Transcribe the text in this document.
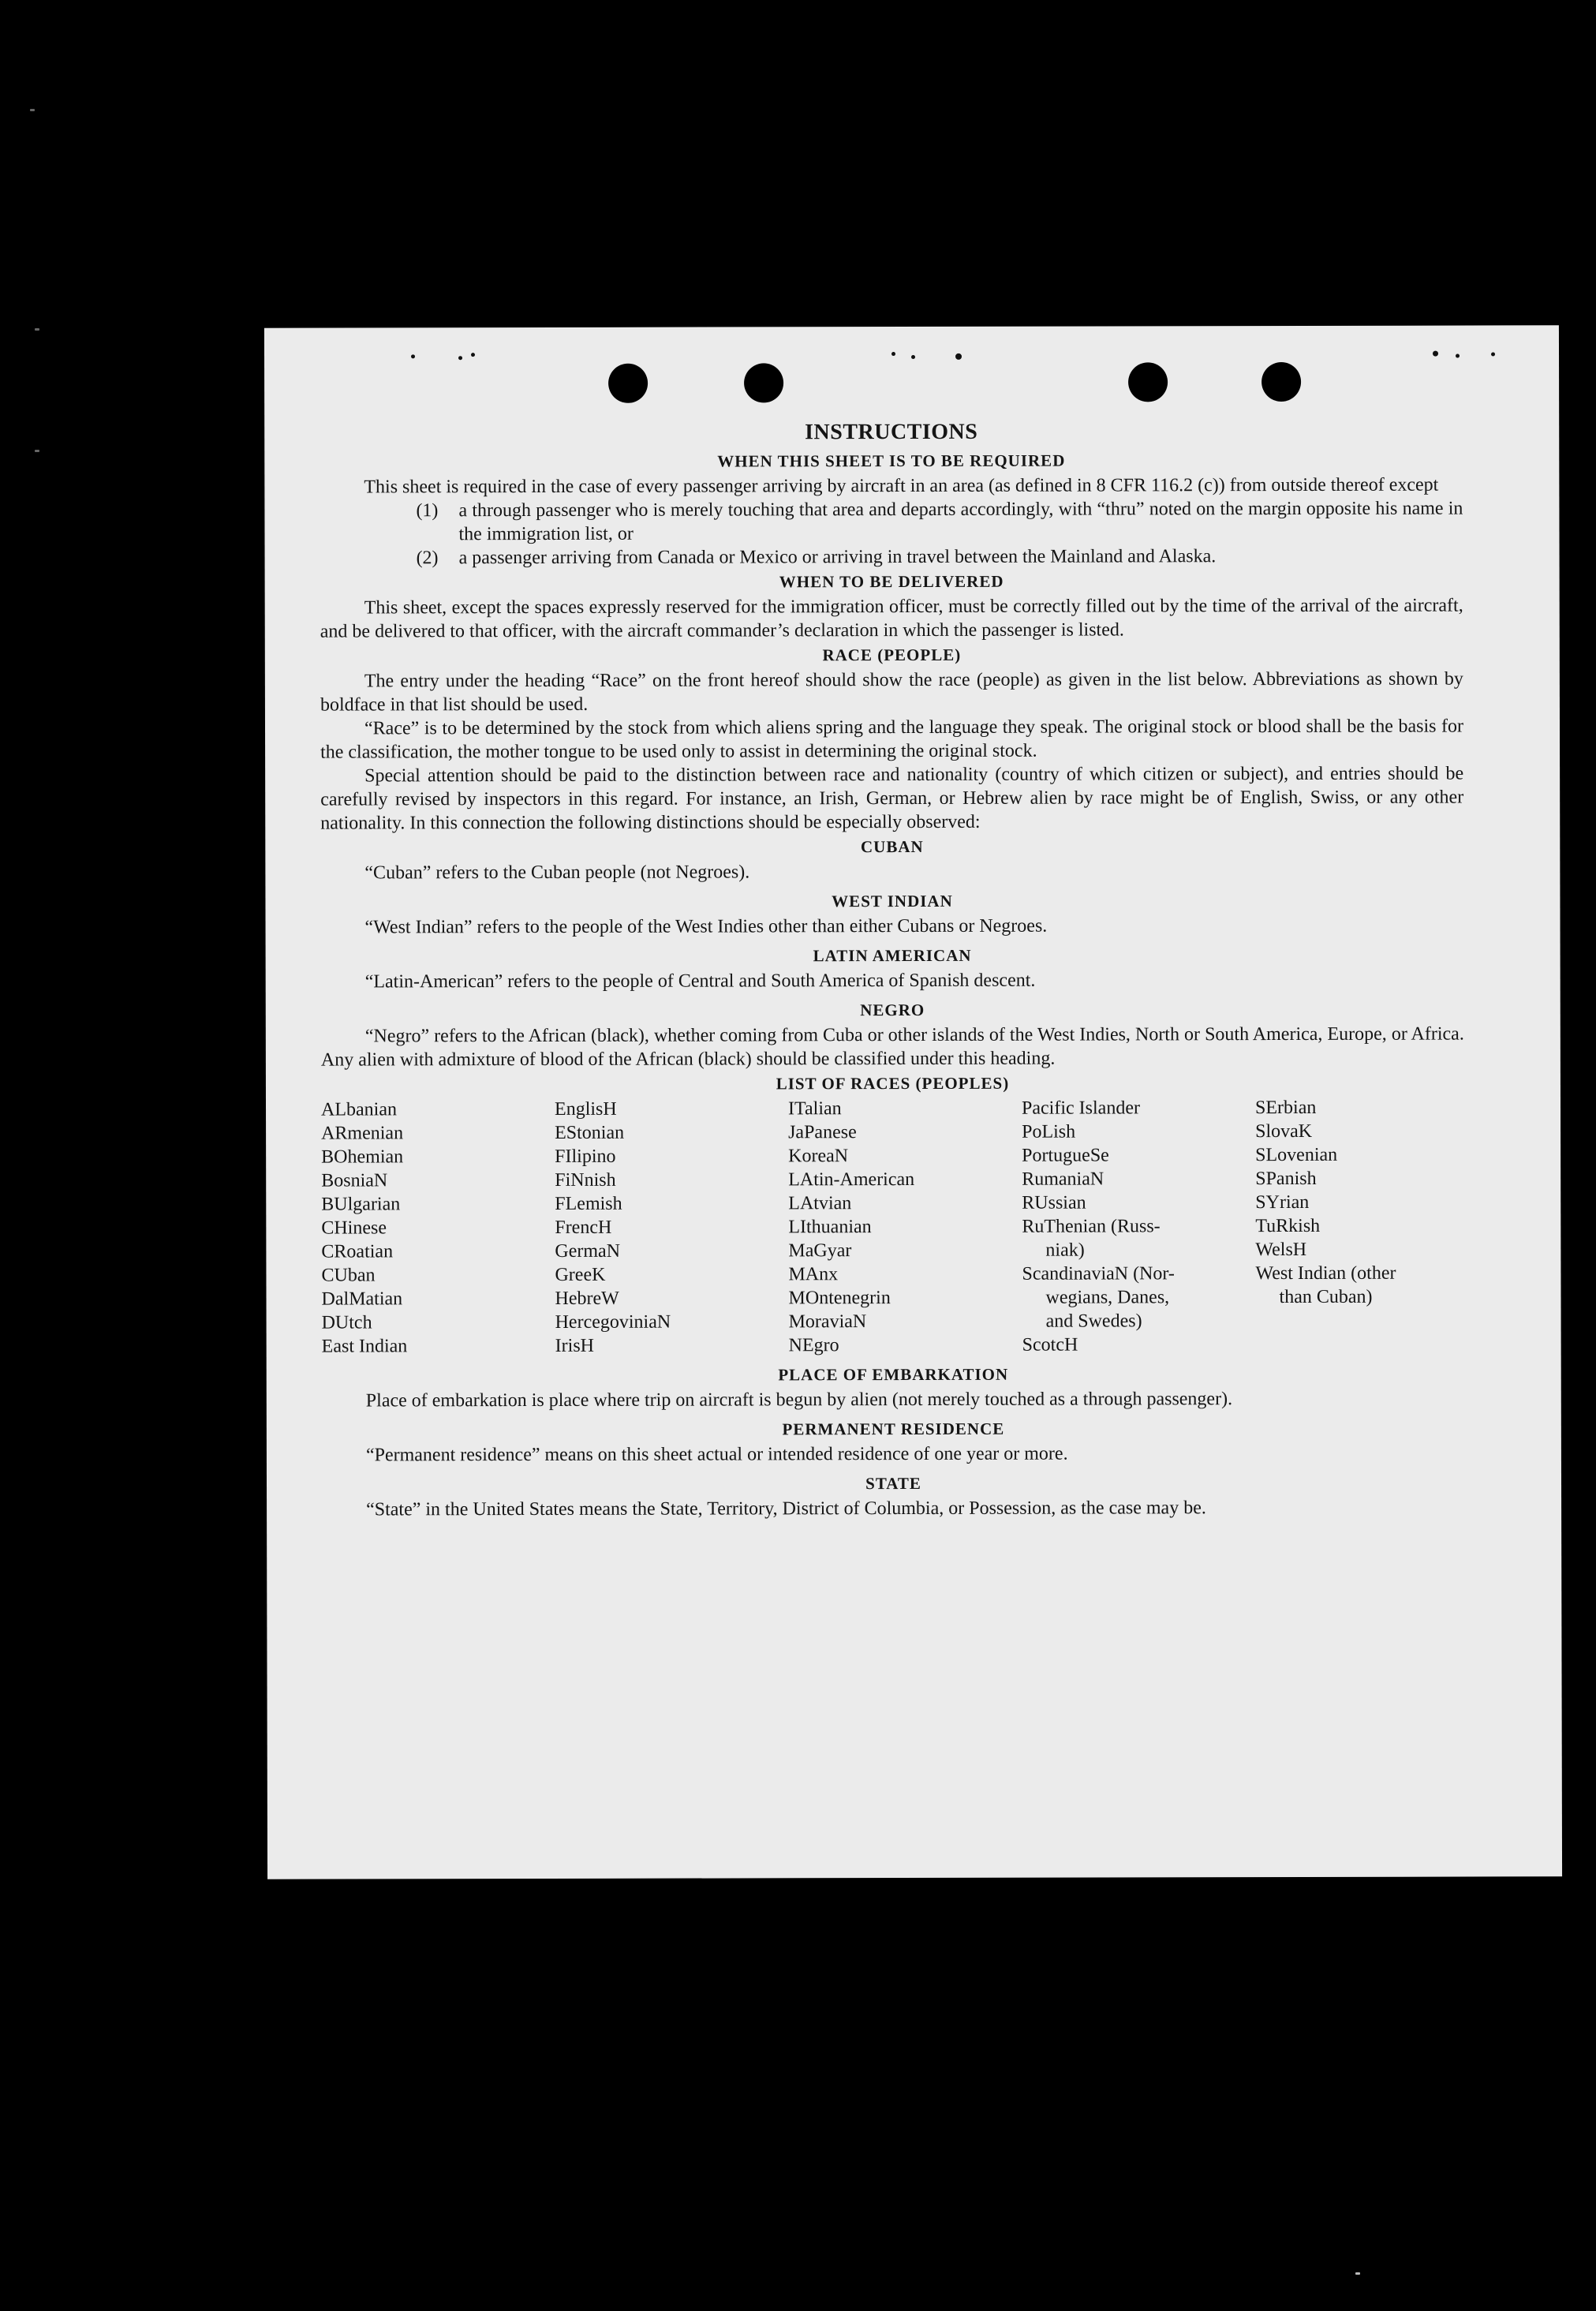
INSTRUCTIONS
WHEN THIS SHEET IS TO BE REQUIRED

This sheet is required in the case of every passenger arriving by aircraft in an area (as defined in 8 CFR 116.2 (c)) from outside thereof except

(1)	a through passenger who is merely touching that area and departs accordingly, with “thru” noted on the margin opposite his name in the immigration list, or
(2)	a passenger arriving from Canada or Mexico or arriving in travel between the Mainland and Alaska.
WHEN TO BE DELIVERED

This sheet, except the spaces expressly reserved for the immigration officer, must be correctly filled out by the time of the arrival of the aircraft, and be delivered to that officer, with the aircraft commander’s declaration in which the passenger is listed.

RACE (PEOPLE)

The entry under the heading “Race” on the front hereof should show the race (people) as given in the list below. Abbreviations as shown by boldface in that list should be used.

“Race” is to be determined by the stock from which aliens spring and the language they speak. The original stock or blood shall be the basis for the classification, the mother tongue to be used only to assist in determining the original stock.

Special attention should be paid to the distinction between race and nationality (country of which citizen or subject), and entries should be carefully revised by inspectors in this regard. For instance, an Irish, German, or Hebrew alien by race might be of English, Swiss, or any other nationality. In this connection the following distinctions should be especially observed:

CUBAN

“Cuban” refers to the Cuban people (not Negroes).

WEST INDIAN

“West Indian” refers to the people of the West Indies other than either Cubans or Negroes.

LATIN AMERICAN

“Latin-American” refers to the people of Central and South America of Spanish descent.

NEGRO

“Negro” refers to the African (black), whether coming from Cuba or other islands of the West Indies, North or South America, Europe, or Africa. Any alien with admixture of blood of the African (black) should be classified under this heading.

LIST OF RACES (PEOPLES)
ALbanian
ARmenian
BOhemian
BosniaN
BUlgarian
CHinese
CRoatian
CUban
DalMatian
DUtch
East Indian
EnglisH
EStonian
FIlipino
FiNnish
FLemish
FrencH
GermaN
GreeK
HebreW
HercegoviniaN
IrisH
ITalian
JaPanese
KoreaN
LAtin-American
LAtvian
LIthuanian
MaGyar
MAnx
MOntenegrin
MoraviaN
NEgro
Pacific Islander
PoLish
PortugueSe
RumaniaN
RUssian
RuThenian (Russ-
niak)
ScandinaviaN (Nor-
wegians, Danes,
and Swedes)
ScotcH
SErbian
SlovaK
SLovenian
SPanish
SYrian
TuRkish
WelsH
West Indian (other
than Cuban)
PLACE OF EMBARKATION

Place of embarkation is place where trip on aircraft is begun by alien (not merely touched as a through passenger).

PERMANENT RESIDENCE

“Permanent residence” means on this sheet actual or intended residence of one year or more.

STATE

“State” in the United States means the State, Territory, District of Columbia, or Possession, as the case may be.
